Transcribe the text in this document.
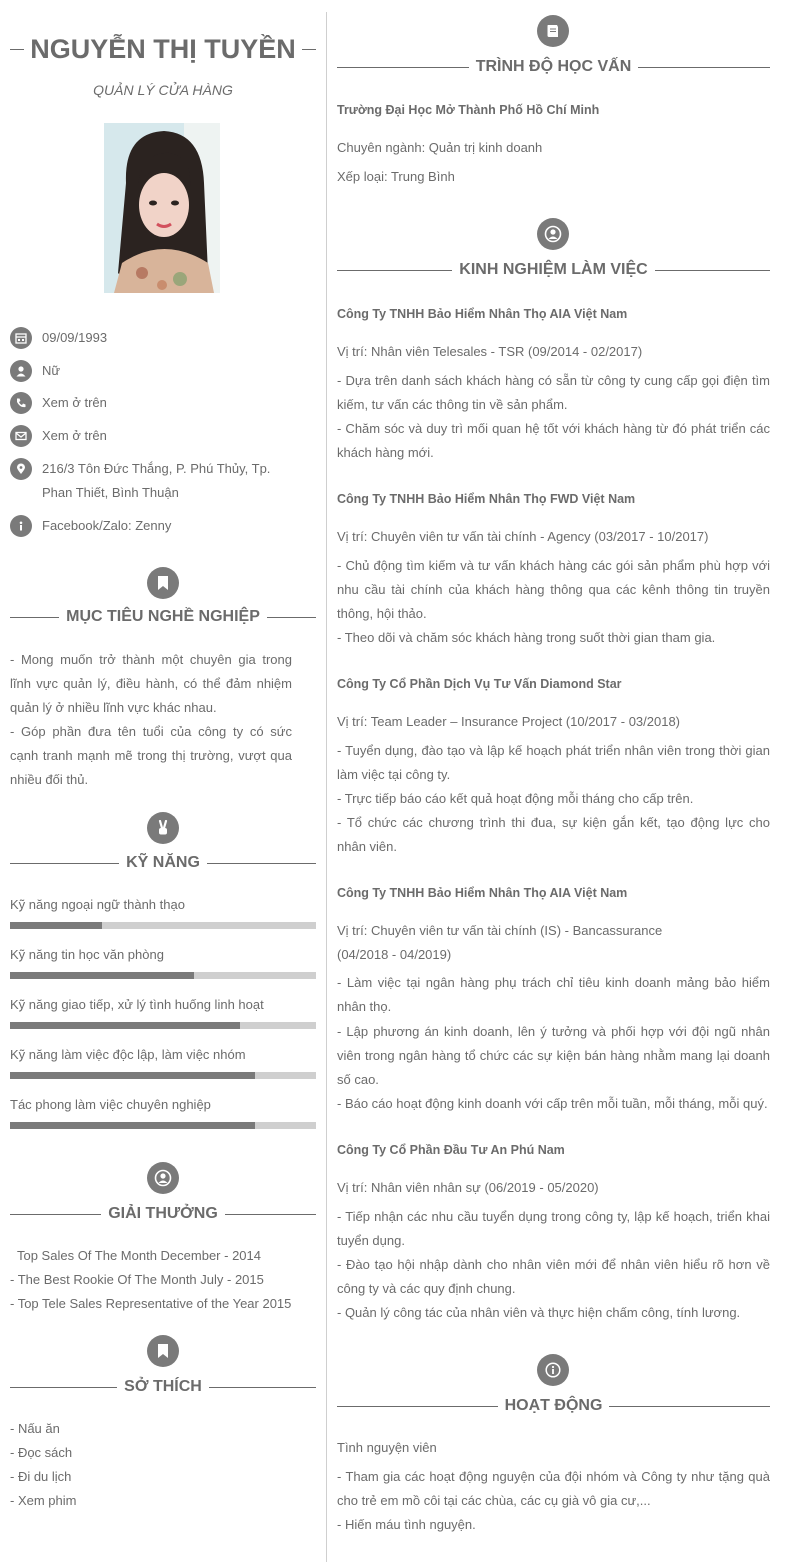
NGUYỄN THỊ TUYỀN
QUẢN LÝ CỬA HÀNG
09/09/1993
Nữ
Xem ở trên
Xem ở trên
216/3 Tôn Đức Thắng, P. Phú Thủy, Tp. Phan Thiết, Bình Thuận
Facebook/Zalo: Zenny
MỤC TIÊU NGHỀ NGHIỆP
- Mong muốn trở thành một chuyên gia trong lĩnh vực quản lý, điều hành, có thể đảm nhiệm quản lý ở nhiều lĩnh vực khác nhau.
- Góp phần đưa tên tuổi của công ty có sức cạnh tranh mạnh mẽ trong thị trường, vượt qua nhiều đối thủ.
KỸ NĂNG
Kỹ năng ngoại ngữ thành thạo
Kỹ năng tin học văn phòng
Kỹ năng giao tiếp, xử lý tình huống linh hoạt
Kỹ năng làm việc độc lập, làm việc nhóm
Tác phong làm việc chuyên nghiệp
GIẢI THƯỞNG
Top Sales Of The Month December - 2014
- The Best Rookie Of The Month July - 2015
- Top Tele Sales Representative of the Year 2015
SỞ THÍCH
- Nấu ăn
- Đọc sách
- Đi du lịch
- Xem phim
TRÌNH ĐỘ HỌC VẤN
Trường Đại Học Mở Thành Phố Hồ Chí Minh
Chuyên ngành: Quản trị kinh doanh
Xếp loại: Trung Bình
KINH NGHIỆM LÀM VIỆC
Công Ty TNHH Bảo Hiểm Nhân Thọ AIA Việt Nam
Vị trí: Nhân viên Telesales - TSR (09/2014 - 02/2017)
- Dựa trên danh sách khách hàng có sẵn từ công ty cung cấp gọi điện tìm kiếm, tư vấn các thông tin về sản phẩm.
- Chăm sóc và duy trì mối quan hệ tốt với khách hàng từ đó phát triển các khách hàng mới.
Công Ty TNHH Bảo Hiểm Nhân Thọ FWD Việt Nam
Vị trí: Chuyên viên tư vấn tài chính - Agency (03/2017 - 10/2017)
- Chủ động tìm kiếm và tư vấn khách hàng các gói sản phẩm phù hợp với nhu cầu tài chính của khách hàng thông qua các kênh thông tin truyền thông, hội thảo.
- Theo dõi và chăm sóc khách hàng trong suốt thời gian tham gia.
Công Ty Cổ Phần Dịch Vụ Tư Vấn Diamond Star
Vị trí: Team Leader – Insurance Project (10/2017 - 03/2018)
- Tuyển dụng, đào tạo và lập kế hoạch phát triển nhân viên trong thời gian làm việc tại công ty.
- Trực tiếp báo cáo kết quả hoạt động mỗi tháng cho cấp trên.
- Tổ chức các chương trình thi đua, sự kiện gắn kết, tạo động lực cho nhân viên.
Công Ty TNHH Bảo Hiểm Nhân Thọ AIA Việt Nam
Vị trí: Chuyên viên tư vấn tài chính (IS) - Bancassurance (04/2018 - 04/2019)
- Làm việc tại ngân hàng phụ trách chỉ tiêu kinh doanh mảng bảo hiểm nhân thọ.
- Lập phương án kinh doanh, lên ý tưởng và phối hợp với đội ngũ nhân viên trong ngân hàng tổ chức các sự kiện bán hàng nhằm mang lại doanh số cao.
- Báo cáo hoạt động kinh doanh với cấp trên mỗi tuần, mỗi tháng, mỗi quý.
Công Ty Cổ Phần Đầu Tư An Phú Nam
Vị trí: Nhân viên nhân sự (06/2019 - 05/2020)
- Tiếp nhận các nhu cầu tuyển dụng trong công ty, lập kế hoạch, triển khai tuyển dụng.
- Đào tạo hội nhập dành cho nhân viên mới để nhân viên hiểu rõ hơn về công ty và các quy định chung.
- Quản lý công tác của nhân viên và thực hiện chấm công, tính lương.
HOẠT ĐỘNG
Tình nguyện viên
- Tham gia các hoạt động nguyện của đội nhóm và Công ty như tặng quà cho trẻ em mồ côi tại các chùa, các cụ già vô gia cư,...
- Hiến máu tình nguyện.
